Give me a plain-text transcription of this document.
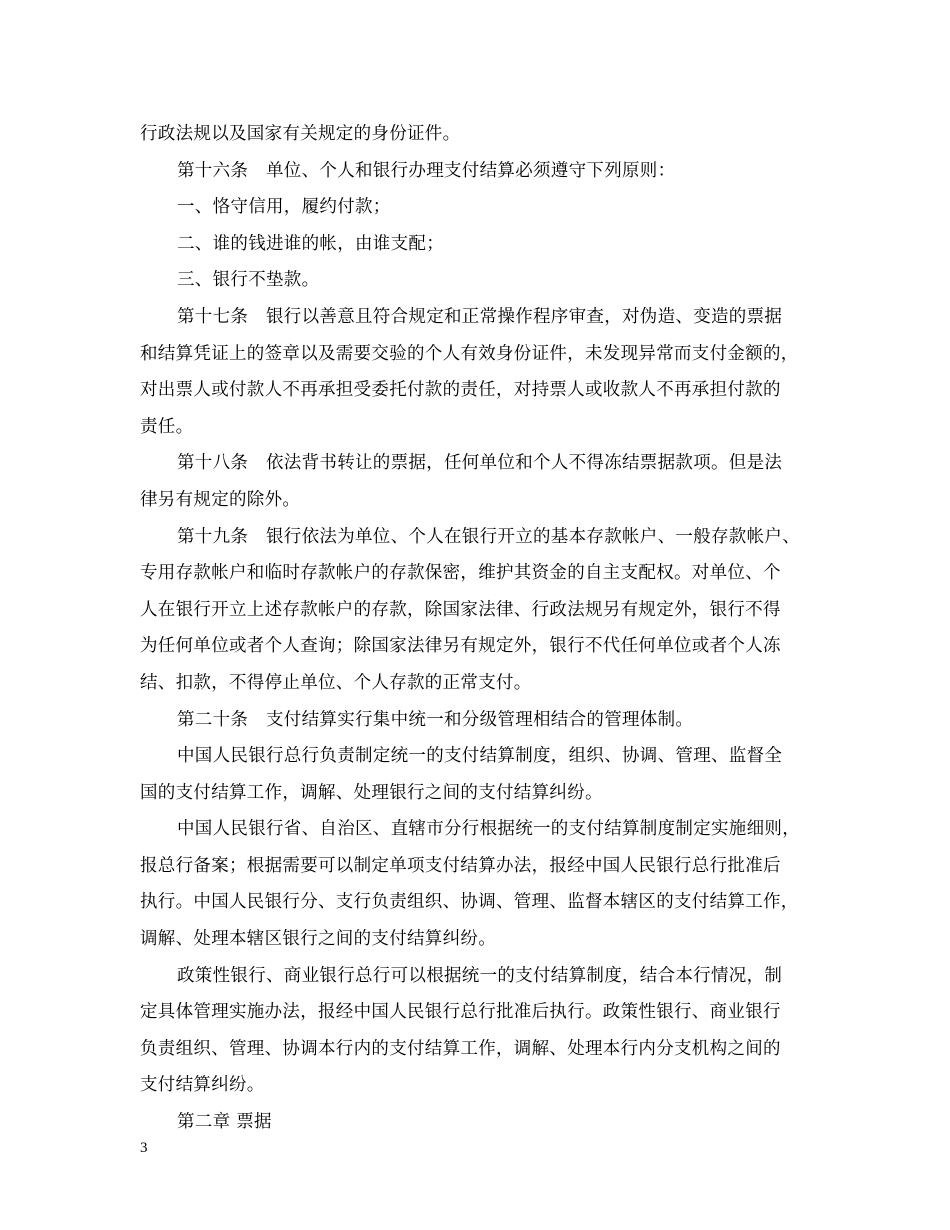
行政法规以及国家有关规定的身份证件。

第十六条　单位、个人和银行办理支付结算必须遵守下列原则：

一、恪守信用，履约付款；

二、谁的钱进谁的帐，由谁支配；

三、银行不垫款。

第十七条　银行以善意且符合规定和正常操作程序审查，对伪造、变造的票据
和结算凭证上的签章以及需要交验的个人有效身份证件，未发现异常而支付金额的，
对出票人或付款人不再承担受委托付款的责任，对持票人或收款人不再承担付款的
责任。

第十八条　依法背书转让的票据，任何单位和个人不得冻结票据款项。但是法
律另有规定的除外。

第十九条　银行依法为单位、个人在银行开立的基本存款帐户、一般存款帐户、
专用存款帐户和临时存款帐户的存款保密，维护其资金的自主支配权。对单位、个
人在银行开立上述存款帐户的存款，除国家法律、行政法规另有规定外，银行不得
为任何单位或者个人查询；除国家法律另有规定外，银行不代任何单位或者个人冻
结、扣款，不得停止单位、个人存款的正常支付。

第二十条　支付结算实行集中统一和分级管理相结合的管理体制。

中国人民银行总行负责制定统一的支付结算制度，组织、协调、管理、监督全
国的支付结算工作，调解、处理银行之间的支付结算纠纷。

中国人民银行省、自治区、直辖市分行根据统一的支付结算制度制定实施细则，
报总行备案；根据需要可以制定单项支付结算办法，报经中国人民银行总行批准后
执行。中国人民银行分、支行负责组织、协调、管理、监督本辖区的支付结算工作，
调解、处理本辖区银行之间的支付结算纠纷。

政策性银行、商业银行总行可以根据统一的支付结算制度，结合本行情况，制
定具体管理实施办法，报经中国人民银行总行批准后执行。政策性银行、商业银行
负责组织、管理、协调本行内的支付结算工作，调解、处理本行内分支机构之间的
支付结算纠纷。

第二章 票据

3
